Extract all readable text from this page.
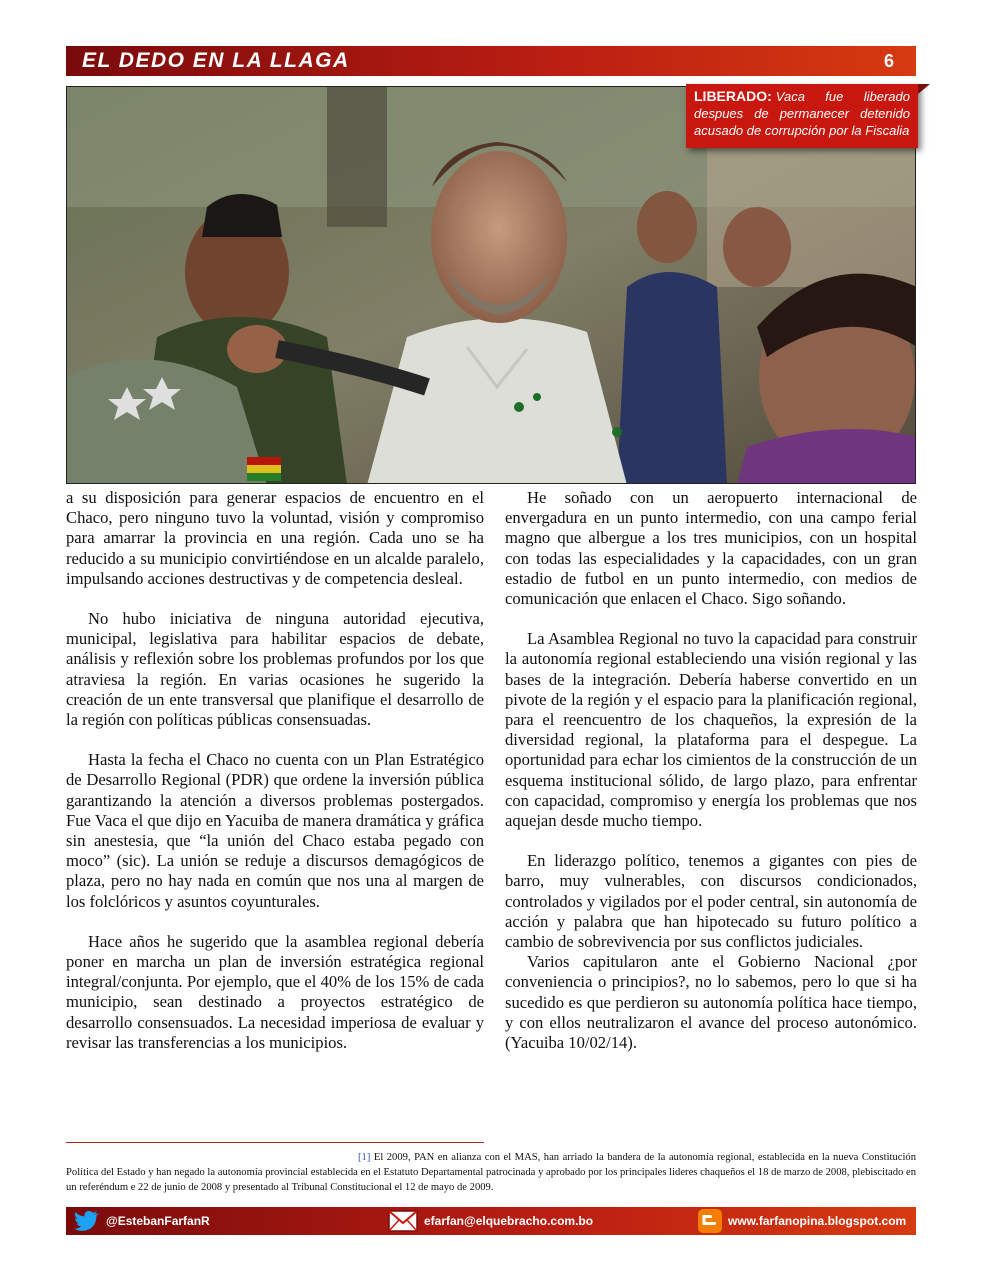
EL DEDO EN LA LLAGA	6
LIBERADO: Vaca fue liberado despues de permanecer detenido acusado de corrupción por la Fiscalia

a su disposición para generar espacios de encuentro en el Chaco, pero ninguno tuvo la voluntad, visión y compromiso para amarrar la provincia en una región. Cada uno se ha reducido a su municipio convirtiéndose en un alcalde paralelo, impulsando acciones destructivas y de competencia desleal.

No hubo iniciativa de ninguna autoridad ejecutiva, municipal, legislativa para habilitar espacios de debate, análisis y reflexión sobre los problemas profundos por los que atraviesa la región. En varias ocasiones he sugerido la creación de un ente transversal que planifique el desarrollo de la región con políticas públicas consensuadas.

Hasta la fecha el Chaco no cuenta con un Plan Estratégico de Desarrollo Regional (PDR) que ordene la inversión pública garantizando la atención a diversos problemas postergados. Fue Vaca el que dijo en Yacuiba de manera dramática y gráfica sin anestesia, que “la unión del Chaco estaba pegado con moco” (sic). La unión se reduje a discursos demagógicos de plaza, pero no hay nada en común que nos una al margen de los folclóricos y asuntos coyunturales.

Hace años he sugerido que la asamblea regional debería poner en marcha un plan de inversión estratégica regional integral/conjunta. Por ejemplo, que el 40% de los 15% de cada municipio, sean destinado a proyectos estratégico de desarrollo consensuados. La necesidad imperiosa de evaluar y revisar las transferencias a los municipios.

He soñado con un aeropuerto internacional de envergadura en un punto intermedio, con una campo ferial magno que albergue a los tres municipios, con un hospital con todas las especialidades y la capacidades, con un gran estadio de futbol en un punto intermedio, con medios de comunicación que enlacen el Chaco. Sigo soñando.

La Asamblea Regional no tuvo la capacidad para construir la autonomía regional estableciendo una visión regional y las bases de la integración. Debería haberse convertido en un pivote de la región y el espacio para la planificación regional, para el reencuentro de los chaqueños, la expresión de la diversidad regional, la plataforma para el despegue. La oportunidad para echar los cimientos de la construcción de un esquema institucional sólido, de largo plazo, para enfrentar con capacidad, compromiso y energía los problemas que nos aquejan desde mucho tiempo.

En liderazgo político, tenemos a gigantes con pies de barro, muy vulnerables, con discursos condicionados, controlados y vigilados por el poder central, sin autonomía de acción y palabra que han hipotecado su futuro político a cambio de sobrevivencia por sus conflictos judiciales.

Varios capitularon ante el Gobierno Nacional ¿por conveniencia o principios?, no lo sabemos, pero lo que si ha sucedido es que perdieron su autonomía política hace tiempo, y con ellos neutralizaron el avance del proceso autonómico. (Yacuiba 10/02/14).

[1] El 2009, PAN en alianza con el MAS, han arriado la bandera de la autonomía regional, establecida en la nueva Constitución Política del Estado y han negado la autonomía provincial establecida en el Estatuto Departamental patrocinada y aprobado por los principales lideres chaqueños el 18 de marzo de 2008, plebiscitado en un referéndum e 22 de junio de 2008 y presentado al Tribunal Constitucional el 12 de mayo de 2009.
@EstebanFarfanR	efarfan@elquebracho.com.bo	www.farfanopina.blogspot.com
